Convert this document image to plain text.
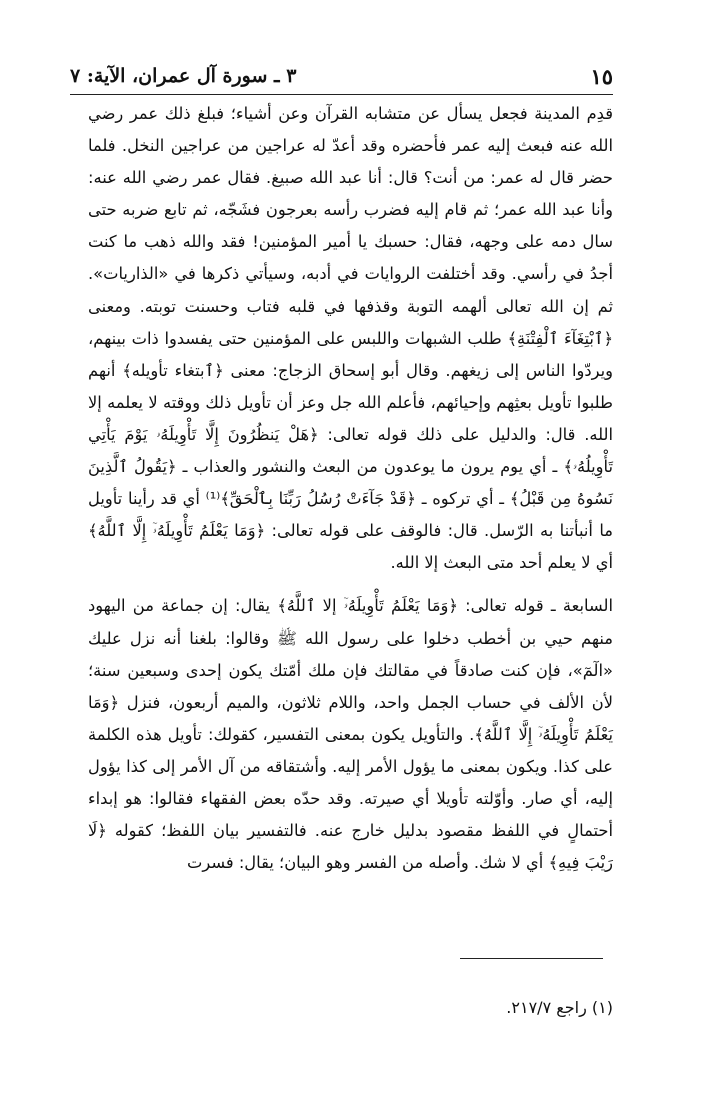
٣ ـ سورة آل عمران، الآية: ٧	١٥

قدِم المدينة فجعل يسأل عن متشابه القرآن وعن أشياء؛ فبلغ ذلك عمر رضي الله عنه فبعث إليه عمر فأحضره وقد أعدّ له عراجين من عراجين النخل. فلما حضر قال له عمر: من أنت؟ قال: أنا عبد الله صبيغ. فقال عمر رضي الله عنه: وأنا عبد الله عمر؛ ثم قام إليه فضرب رأسه بعرجون فشَجّه، ثم تابع ضربه حتى سال دمه على وجهه، فقال: حسبك يا أمير المؤمنين! فقد والله ذهب ما كنت أجدُ في رأسي. وقد أختلفت الروايات في أدبه، وسيأتي ذكرها في «الذاريات». ثم إن الله تعالى ألهمه التوبة وقذفها في قلبه فتاب وحسنت توبته. ومعنى ﴿ٱبْتِغَآءَ ٱلْفِتْنَةِ﴾ طلب الشبهات واللبس على المؤمنين حتى يفسدوا ذات بينهم، ويردّوا الناس إلى زيغهم. وقال أبو إسحاق الزجاج: معنى ﴿ٱبتغاء تأويله﴾ أنهم طلبوا تأويل بعثِهم وإحيائهم، فأعلم الله جل وعز أن تأويل ذلك ووقته لا يعلمه إلا الله. قال: والدليل على ذلك قوله تعالى: ﴿هَلْ يَنظُرُونَ إِلَّا تَأْوِيلَهُۥ يَوْمَ يَأْتِي تَأْوِيلُهُۥ﴾ ـ أي يوم يرون ما يوعدون من البعث والنشور والعذاب ـ ﴿يَقُولُ ٱلَّذِينَ نَسُوهُ مِن قَبْلُ﴾ ـ أي تركوه ـ ﴿قَدْ جَآءَتْ رُسُلُ رَبِّنَا بِٱلْحَقِّ﴾⁽¹⁾ أي قد رأينا تأويل ما أنبأتنا به الرّسل. قال: فالوقف على قوله تعالى: ﴿وَمَا يَعْلَمُ تَأْوِيلَهُۥٓ إِلَّا ٱللَّهُ﴾ أي لا يعلم أحد متى البعث إلا الله.

السابعة ـ قوله تعالى: ﴿وَمَا يَعْلَمُ تَأْوِيلَهُۥٓ إلا ٱللَّهُ﴾ يقال: إن جماعة من اليهود منهم حيي بن أخطب دخلوا على رسول الله ﷺ وقالوا: بلغنا أنه نزل عليك «الٓمٓ»، فإن كنت صادقاً في مقالتك فإن ملك أمّتك يكون إحدى وسبعين سنة؛ لأن الألف في حساب الجمل واحد، واللام ثلاثون، والميم أربعون، فنزل ﴿وَمَا يَعْلَمُ تَأْوِيلَهُۥٓ إِلَّا ٱللَّهُ﴾. والتأويل يكون بمعنى التفسير، كقولك: تأويل هذه الكلمة على كذا. ويكون بمعنى ما يؤول الأمر إليه. وأشتقاقه من آل الأمر إلى كذا يؤول إليه، أي صار. وأوّلته تأويلا أي صيرته. وقد حدّه بعض الفقهاء فقالوا: هو إبداء أحتمالٍ في اللفظ مقصود بدليل خارج عنه. فالتفسير بيان اللفظ؛ كقوله ﴿لَا رَيْبَ فِيهِ﴾ أي لا شك. وأصله من الفسر وهو البيان؛ يقال: فسرت

(١) راجع ٢١٧/٧.
